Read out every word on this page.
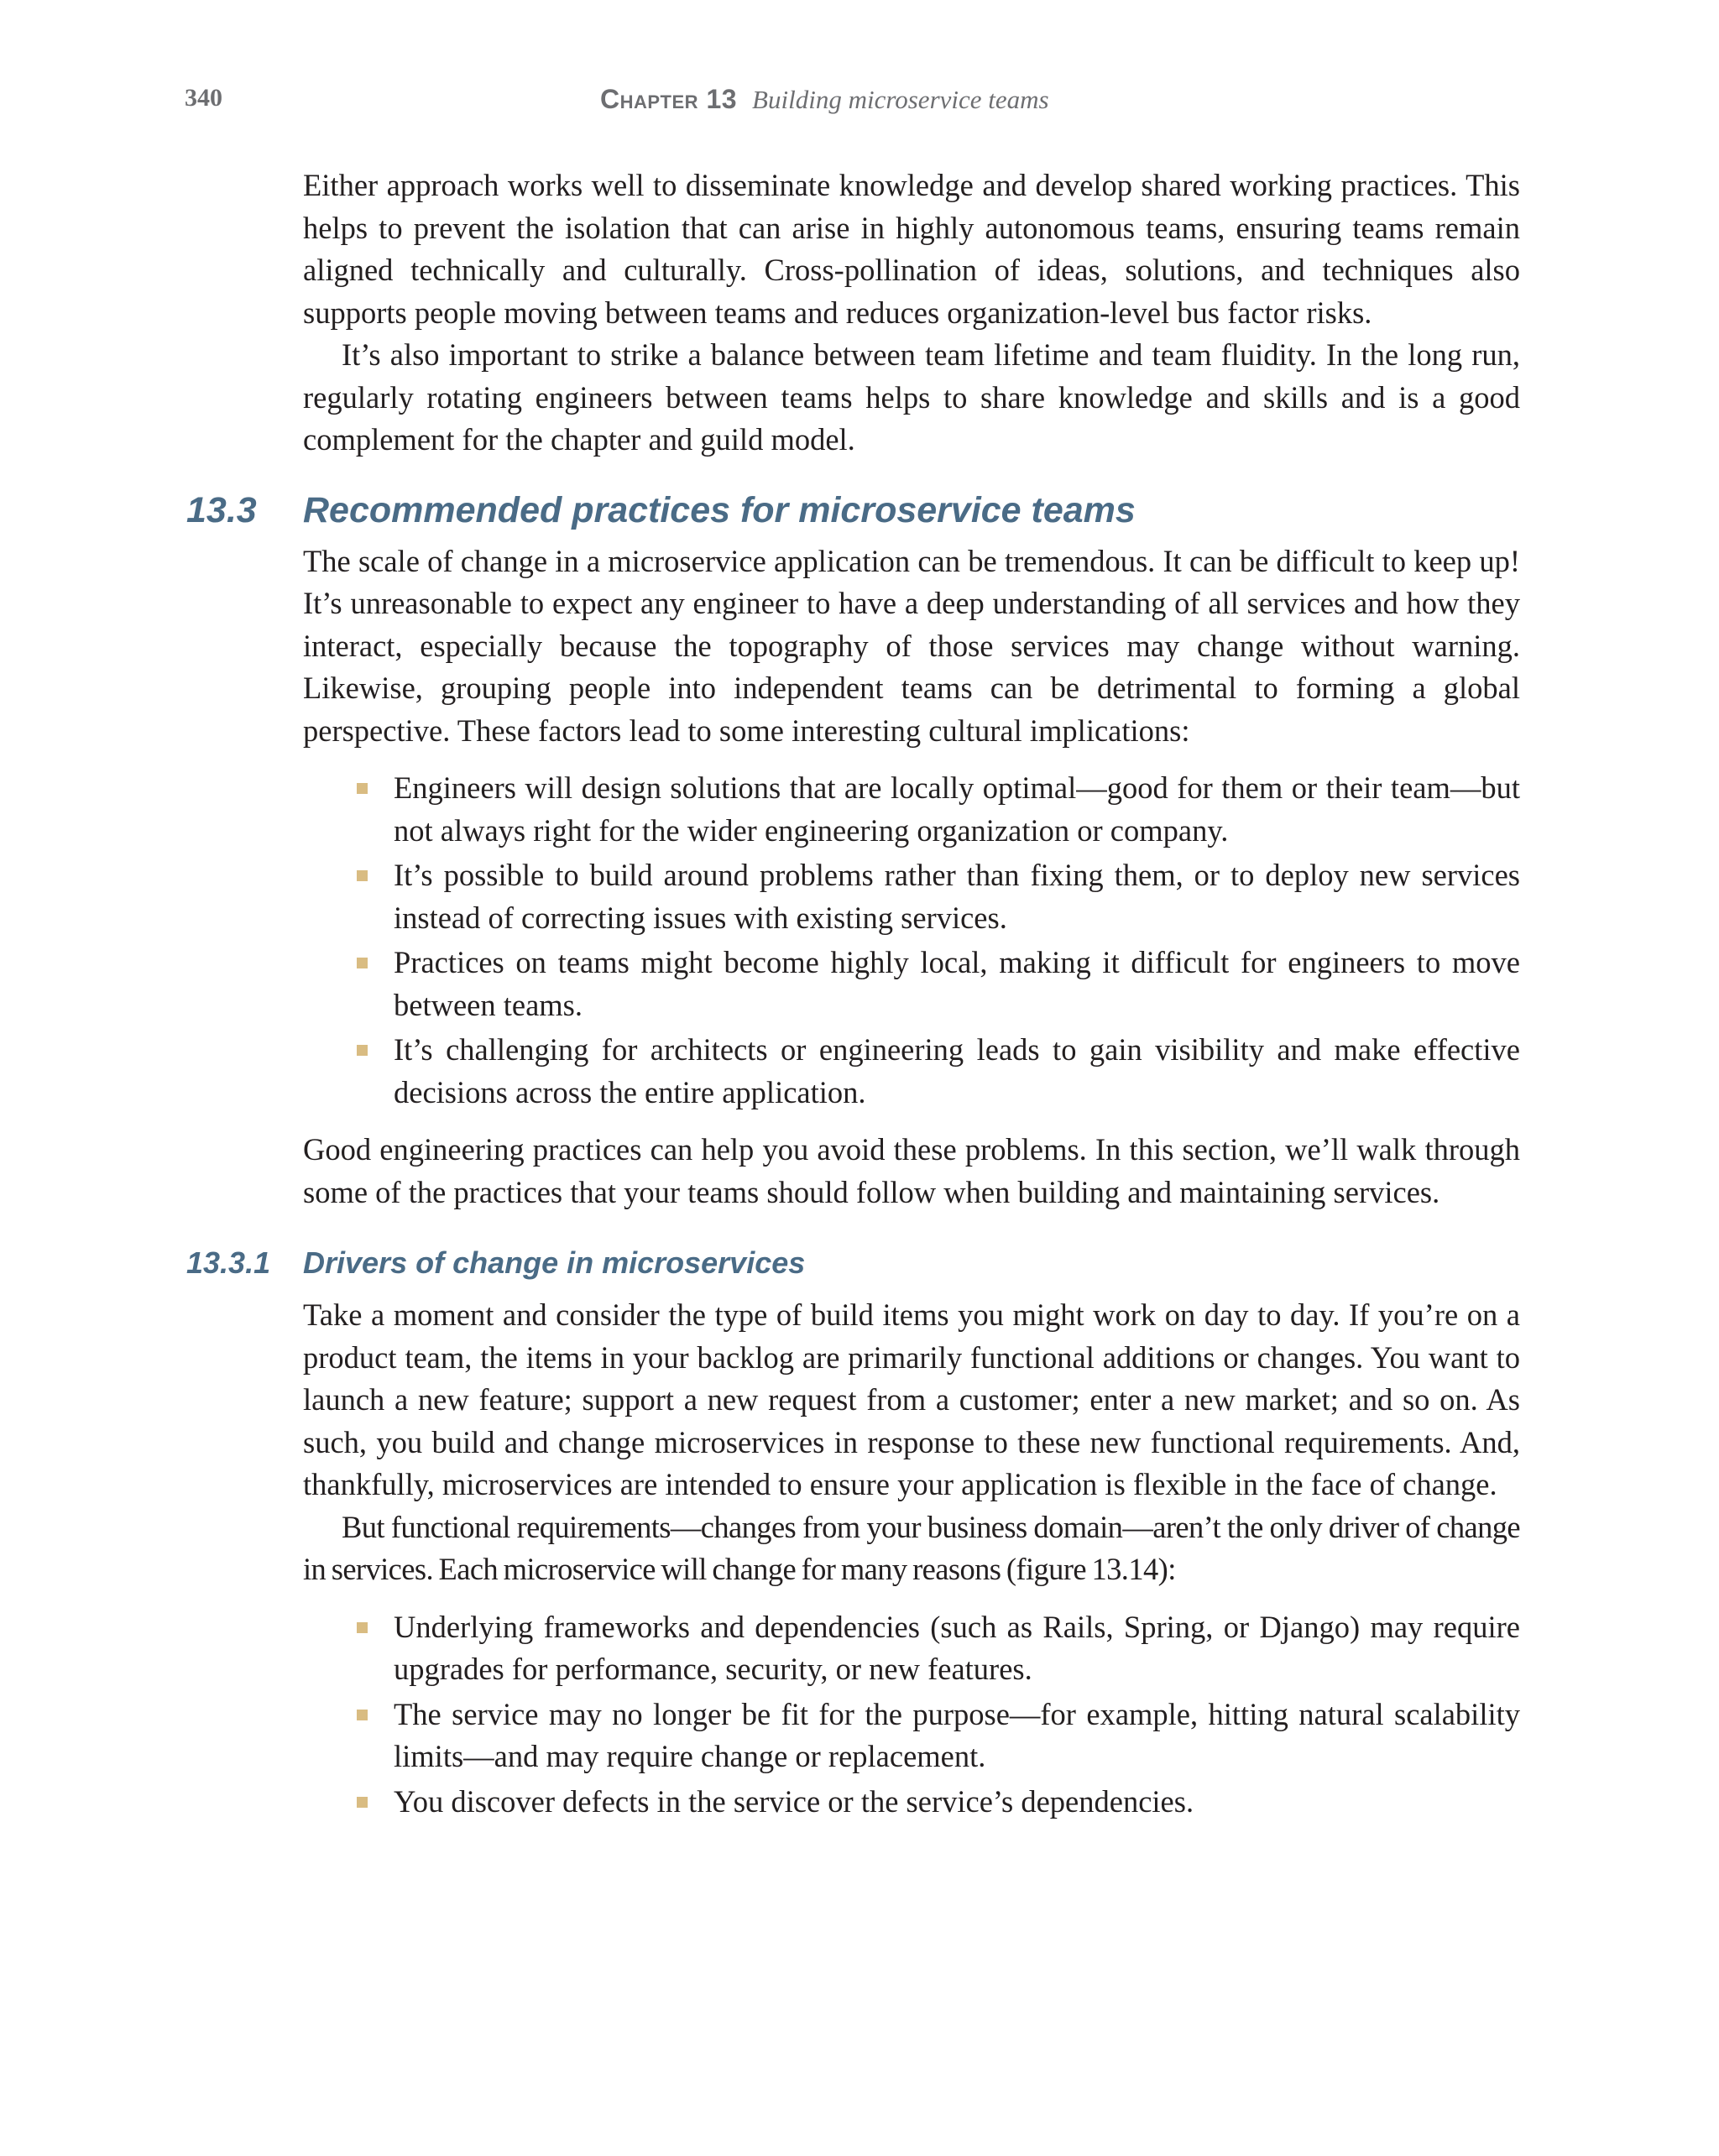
340	Chapter 13 Building microservice teams

Either approach works well to disseminate knowledge and develop shared working practices. This helps to prevent the isolation that can arise in highly autonomous teams, ensuring teams remain aligned technically and culturally. Cross-pollination of ideas, solutions, and techniques also supports people moving between teams and reduces organization-level bus factor risks.

It’s also important to strike a balance between team lifetime and team fluidity. In the long run, regularly rotating engineers between teams helps to share knowledge and skills and is a good complement for the chapter and guild model.

13.3 Recommended practices for microservice teams

The scale of change in a microservice application can be tremendous. It can be difficult to keep up! It’s unreasonable to expect any engineer to have a deep understanding of all services and how they interact, especially because the topography of those services may change without warning. Likewise, grouping people into independent teams can be detrimental to forming a global perspective. These factors lead to some interesting cultural implications:

Engineers will design solutions that are locally optimal—good for them or their team—but not always right for the wider engineering organization or company.
It’s possible to build around problems rather than fixing them, or to deploy new services instead of correcting issues with existing services.
Practices on teams might become highly local, making it difficult for engineers to move between teams.
It’s challenging for architects or engineering leads to gain visibility and make effective decisions across the entire application.

Good engineering practices can help you avoid these problems. In this section, we’ll walk through some of the practices that your teams should follow when building and maintaining services.

13.3.1 Drivers of change in microservices

Take a moment and consider the type of build items you might work on day to day. If you’re on a product team, the items in your backlog are primarily functional additions or changes. You want to launch a new feature; support a new request from a customer; enter a new market; and so on. As such, you build and change microservices in response to these new functional requirements. And, thankfully, microservices are intended to ensure your application is flexible in the face of change.

But functional requirements—changes from your business domain—aren’t the only driver of change in services. Each microservice will change for many reasons (figure 13.14):

Underlying frameworks and dependencies (such as Rails, Spring, or Django) may require upgrades for performance, security, or new features.
The service may no longer be fit for the purpose—for example, hitting natural scalability limits—and may require change or replacement.
You discover defects in the service or the service’s dependencies.
